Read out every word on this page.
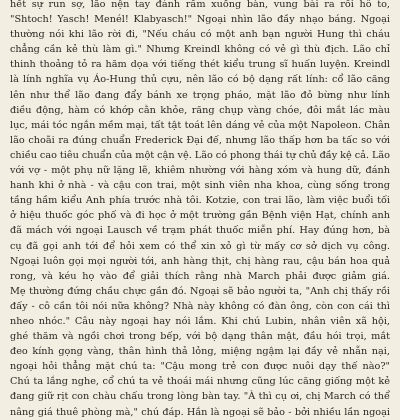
hết sự run sợ, lão nện tay đánh rầm xuống bàn, vung bài ra rồi hô to,
"Shtoch! Yasch! Menél! Klabyasch!" Ngoại nhìn lão đầy nhạo báng. Ngoại
thường nói khi lão rời đi, "Nếu cháu có một anh bạn người Hung thì cháu
chẳng cần kẻ thù làm gì." Nhưng Kreindl không có vẻ gì thù địch. Lão chỉ
thinh thoảng tỏ ra hăm dọa với tiếng thét kiểu trung sĩ huấn luyện. Kreindl
là lính nghĩa vụ Áo-Hung thủ cựu, nên lão có bộ dạng rất lính: cổ lão căng
lên như thể lão đang đẩy bánh xe trọng pháo, mặt lão đỏ bừng như lính
điều động, hàm có khớp cằn khỏe, răng chụp vàng chóe, đôi mắt lác màu
lục, mái tóc ngắn mềm mại, tất tật toát lên dáng vẻ của một Napoleon. Chân
lão choãi ra đúng chuẩn Frederick Đại đế, nhưng lão thấp hơn ba tấc so với
chiều cao tiêu chuẩn của một cận vệ. Lão có phong thái tự chủ đầy kệ cả. Lão
với vợ - một phụ nữ lặng lẽ, khiêm nhường với hàng xóm và hung dữ, đánh
hanh khi ở nhà - và cậu con trai, một sinh viên nha khoa, cùng sống trong
tầng hầm kiểu Anh phía trước nhà tôi. Kotzie, con trai lão, làm việc buổi tối
ở hiệu thuốc góc phố và đi học ở một trường gần Bệnh viện Hạt, chính anh
đã mách với ngoại Lausch về trạm phát thuốc miễn phí. Hay đúng hơn, bà
cụ đã gọi anh tới để hỏi xem có thể xin xỏ gì từ mấy cơ sở dịch vụ công.
Ngoại luôn gọi mọi người tới, anh hàng thịt, chị hàng rau, cậu bán hoa quả
rong, và kéu họ vào để giải thích rằng nhà March phải được giảm giá.
Mẹ thường đứng chầu chực gần đó. Ngoại sẽ bảo người ta, "Anh chị thấy rồi
đấy - cô cần tôi nói nữa không? Nhà này không có đàn ông, còn con cái thì
nheo nhóc." Câu này ngoại hay nói lắm. Khi chú Lubin, nhân viên xã hội,
ghé thăm và ngồi chơi trong bếp, với bộ dạng thân mật, đầu hói trọi, mắt
đeo kính gọng vàng, thân hình thả lỏng, miệng ngậm lại đầy vẻ nhẫn nại,
ngoại hỏi thẳng mặt chú ta: "Cậu mong trẻ con được nuôi dạy thế nào?"
Chú ta lắng nghe, cổ chú ta vẻ thoái mái nhưng cũng lúc căng giống một kẻ
đang giữ rịt con chàu chấu trong lòng bàn tay. "À thì cụ ơi, chị March có thể
nâng giá thuê phòng mà," chú đáp. Hắn là ngoại sẽ bảo - bởi nhiều lần ngoại
